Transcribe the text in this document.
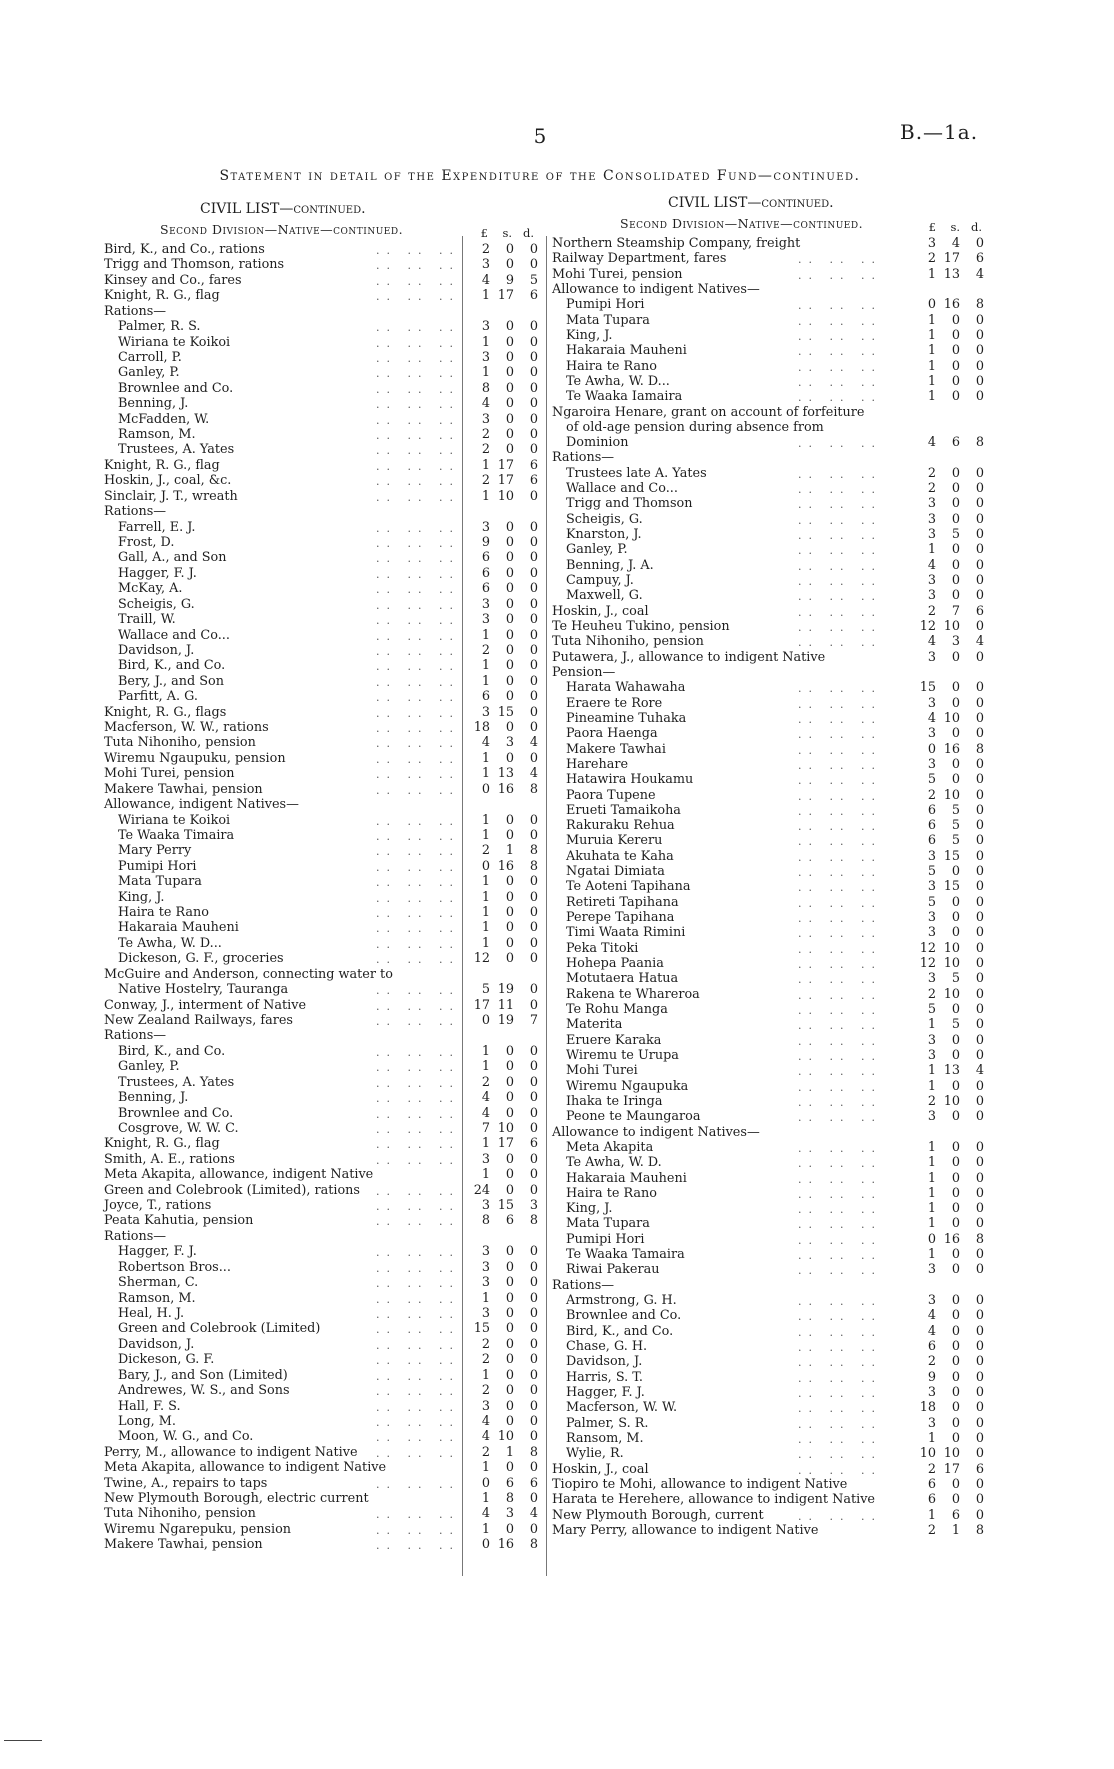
5	B.—1a.
Statement in detail of the Expenditure of the Consolidated Fund—continued.
CIVIL LIST—continued.
Second Division—Native—continued.
CIVIL LIST—continued.
Second Division—Native—continued.
£	s. d.	£	s. d.
Bird, K., and Co., rations	.. .. ..	2	0	0
Trigg and Thomson, rations	.. .. ..	3	0	0
Kinsey and Co., fares	.. .. ..	4	9	5
Knight, R. G., flag	.. .. ..	1 17	6
Rations—
Palmer, R. S.	.. .. ..	3	0	0
Wiriana te Koikoi	.. .. ..	1	0	0
Carroll, P.	.. .. ..	3	0	0
Ganley, P.	.. .. ..	1	0	0
Brownlee and Co.	.. .. ..	8	0	0
Benning, J.	.. .. ..	4	0	0
McFadden, W.	.. .. ..	3	0	0
Ramson, M.	.. .. ..	2	0	0
Trustees, A. Yates	.. .. ..	2	0	0
Knight, R. G., flag	.. .. ..	1 17	6
Hoskin, J., coal, &c.	.. .. ..	2 17	6
Sinclair, J. T., wreath	.. .. ..	1 10	0
Rations—
Farrell, E. J.	.. .. ..	3	0	0
Frost, D.	.. .. ..	9	0	0
Gall, A., and Son	.. .. ..	6	0	0
Hagger, F. J.	.. .. ..	6	0	0
McKay, A.	.. .. ..	6	0	0
Scheigis, G.	.. .. ..	3	0	0
Traill, W.	.. .. ..	3	0	0
Wallace and Co...	.. .. ..	1	0	0
Davidson, J.	.. .. ..	2	0	0
Bird, K., and Co.	.. .. ..	1	0	0
Bery, J., and Son	.. .. ..	1	0	0
Parfitt, A. G.	.. .. ..	6	0	0
Knight, R. G., flags	.. .. ..	3 15	0
Macferson, W. W., rations	.. .. ..	18	0	0
Tuta Nihoniho, pension	.. .. ..	4	3	4
Wiremu Ngaupuku, pension	.. .. ..	1	0	0
Mohi Turei, pension	.. .. ..	1 13	4
Makere Tawhai, pension	.. .. ..	0 16	8
Allowance, indigent Natives—
Wiriana te Koikoi	.. .. ..	1	0	0
Te Waaka Timaira	.. .. ..	1	0	0
Mary Perry	.. .. ..	2	1	8
Pumipi Hori	.. .. ..	0 16	8
Mata Tupara	.. .. ..	1	0	0
King, J.	.. .. ..	1	0	0
Haira te Rano	.. .. ..	1	0	0
Hakaraia Mauheni	.. .. ..	1	0	0
Te Awha, W. D...	.. .. ..	1	0	0
Dickeson, G. F., groceries	.. .. ..	12	0	0
McGuire and Anderson, connecting water to
Native Hostelry, Tauranga	.. .. ..	5 19	0
Conway, J., interment of Native	.. .. ..	17 11	0
New Zealand Railways, fares	.. .. ..	0 19	7
Rations—
Bird, K., and Co.	.. .. ..	1	0	0
Ganley, P.	.. .. ..	1	0	0
Trustees, A. Yates	.. .. ..	2	0	0
Benning, J.	.. .. ..	4	0	0
Brownlee and Co.	.. .. ..	4	0	0
Cosgrove, W. W. C.	.. .. ..	7 10	0
Knight, R. G., flag	.. .. ..	1 17	6
Smith, A. E., rations	.. .. ..	3	0	0
Meta Akapita, allowance, indigent Native	1	0	0
Green and Colebrook (Limited), rations .. .. ..	24	0	0
Joyce, T., rations	.. .. ..	3 15	3
Peata Kahutia, pension	.. .. ..	8	6	8
Rations—
Hagger, F. J.	.. .. ..	3	0	0
Robertson Bros...	.. .. ..	3	0	0
Sherman, C.	.. .. ..	3	0	0
Ramson, M.	.. .. ..	1	0	0
Heal, H. J.	.. .. ..	3	0	0
Green and Colebrook (Limited)	.. .. ..	15	0	0
Davidson, J.	.. .. ..	2	0	0
Dickeson, G. F.	.. .. ..	2	0	0
Bary, J., and Son (Limited)	.. .. ..	1	0	0
Andrewes, W. S., and Sons	.. .. ..	2	0	0
Hall, F. S.	.. .. ..	3	0	0
Long, M.	.. .. ..	4	0	0
Moon, W. G., and Co.	.. .. ..	4 10	0
Perry, M., allowance to indigent Native .. .. ..	2	1	8
Meta Akapita, allowance to indigent Native	1	0	0
Twine, A., repairs to taps	.. .. ..	0	6	6
New Plymouth Borough, electric current	1	8	0
Tuta Nihoniho, pension	.. .. ..	4	3	4
Wiremu Ngarepuku, pension	.. .. ..	1	0	0
Makere Tawhai, pension	.. .. ..	0 16	8
Northern Steamship Company, freight	3	4	0
Railway Department, fares	.. .. ..	2 17	6
Mohi Turei, pension	.. .. ..	1 13	4
Allowance to indigent Natives—
Pumipi Hori	.. .. ..	0 16	8
Mata Tupara	.. .. ..	1	0	0
King, J.	.. .. ..	1	0	0
Hakaraia Mauheni	.. .. ..	1	0	0
Haira te Rano	.. .. ..	1	0	0
Te Awha, W. D...	.. .. ..	1	0	0
Te Waaka Iamaira	.. .. ..	1	0	0
Ngaroira Henare, grant on account of forfeiture
of old-age pension during absence from
Dominion	.. .. ..	4	6	8
Rations—
Trustees late A. Yates	.. .. ..	2	0	0
Wallace and Co...	.. .. ..	2	0	0
Trigg and Thomson	.. .. ..	3	0	0
Scheigis, G.	.. .. ..	3	0	0
Knarston, J.	.. .. ..	3	5	0
Ganley, P.	.. .. ..	1	0	0
Benning, J. A.	.. .. ..	4	0	0
Campuy, J.	.. .. ..	3	0	0
Maxwell, G.	.. .. ..	3	0	0
Hoskin, J., coal	.. .. ..	2	7	6
Te Heuheu Tukino, pension	.. .. ..	12 10	0
Tuta Nihoniho, pension	.. .. ..	4	3	4
Putawera, J., allowance to indigent Native	3	0	0
Pension—
Harata Wahawaha	.. .. ..	15	0	0
Eraere te Rore	.. .. ..	3	0	0
Pineamine Tuhaka	.. .. ..	4 10	0
Paora Haenga	.. .. ..	3	0	0
Makere Tawhai	.. .. ..	0 16	8
Harehare	.. .. ..	3	0	0
Hatawira Houkamu	.. .. ..	5	0	0
Paora Tupene	.. .. ..	2 10	0
Erueti Tamaikoha	.. .. ..	6	5	0
Rakuraku Rehua	.. .. ..	6	5	0
Muruia Kereru	.. .. ..	6	5	0
Akuhata te Kaha	.. .. ..	3 15	0
Ngatai Dimiata	.. .. ..	5	0	0
Te Aoteni Tapihana	.. .. ..	3 15	0
Retireti Tapihana	.. .. ..	5	0	0
Perepe Tapihana	.. .. ..	3	0	0
Timi Waata Rimini	.. .. ..	3	0	0
Peka Titoki	.. .. ..	12 10	0
Hohepa Paania	.. .. ..	12 10	0
Motutaera Hatua	.. .. ..	3	5	0
Rakena te Whareroa	.. .. ..	2 10	0
Te Rohu Manga	.. .. ..	5	0	0
Materita	.. .. ..	1	5	0
Eruere Karaka	.. .. ..	3	0	0
Wiremu te Urupa	.. .. ..	3	0	0
Mohi Turei	.. .. ..	1 13	4
Wiremu Ngaupuka	.. .. ..	1	0	0
Ihaka te Iringa	.. .. ..	2 10	0
Peone te Maungaroa	.. .. ..	3	0	0
Allowance to indigent Natives—
Meta Akapita	.. .. ..	1	0	0
Te Awha, W. D.	.. .. ..	1	0	0
Hakaraia Mauheni	.. .. ..	1	0	0
Haira te Rano	.. .. ..	1	0	0
King, J.	.. .. ..	1	0	0
Mata Tupara	.. .. ..	1	0	0
Pumipi Hori	.. .. ..	0 16	8
Te Waaka Tamaira	.. .. ..	1	0	0
Riwai Pakerau	.. .. ..	3	0	0
Rations—
Armstrong, G. H.	.. .. ..	3	0	0
Brownlee and Co.	.. .. ..	4	0	0
Bird, K., and Co.	.. .. ..	4	0	0
Chase, G. H.	.. .. ..	6	0	0
Davidson, J.	.. .. ..	2	0	0
Harris, S. T.	.. .. ..	9	0	0
Hagger, F. J.	.. .. ..	3	0	0
Macferson, W. W.	.. .. ..	18	0	0
Palmer, S. R.	.. .. ..	3	0	0
Ransom, M.	.. .. ..	1	0	0
Wylie, R.	.. .. ..	10 10	0
Hoskin, J., coal	.. .. ..	2 17	6
Tiopiro te Mohi, allowance to indigent Native	6	0	0
Harata te Herehere, allowance to indigent Native	6	0	0
New Plymouth Borough, current	.. .. ..	1	6	0
Mary Perry, allowance to indigent Native	2	1	8
